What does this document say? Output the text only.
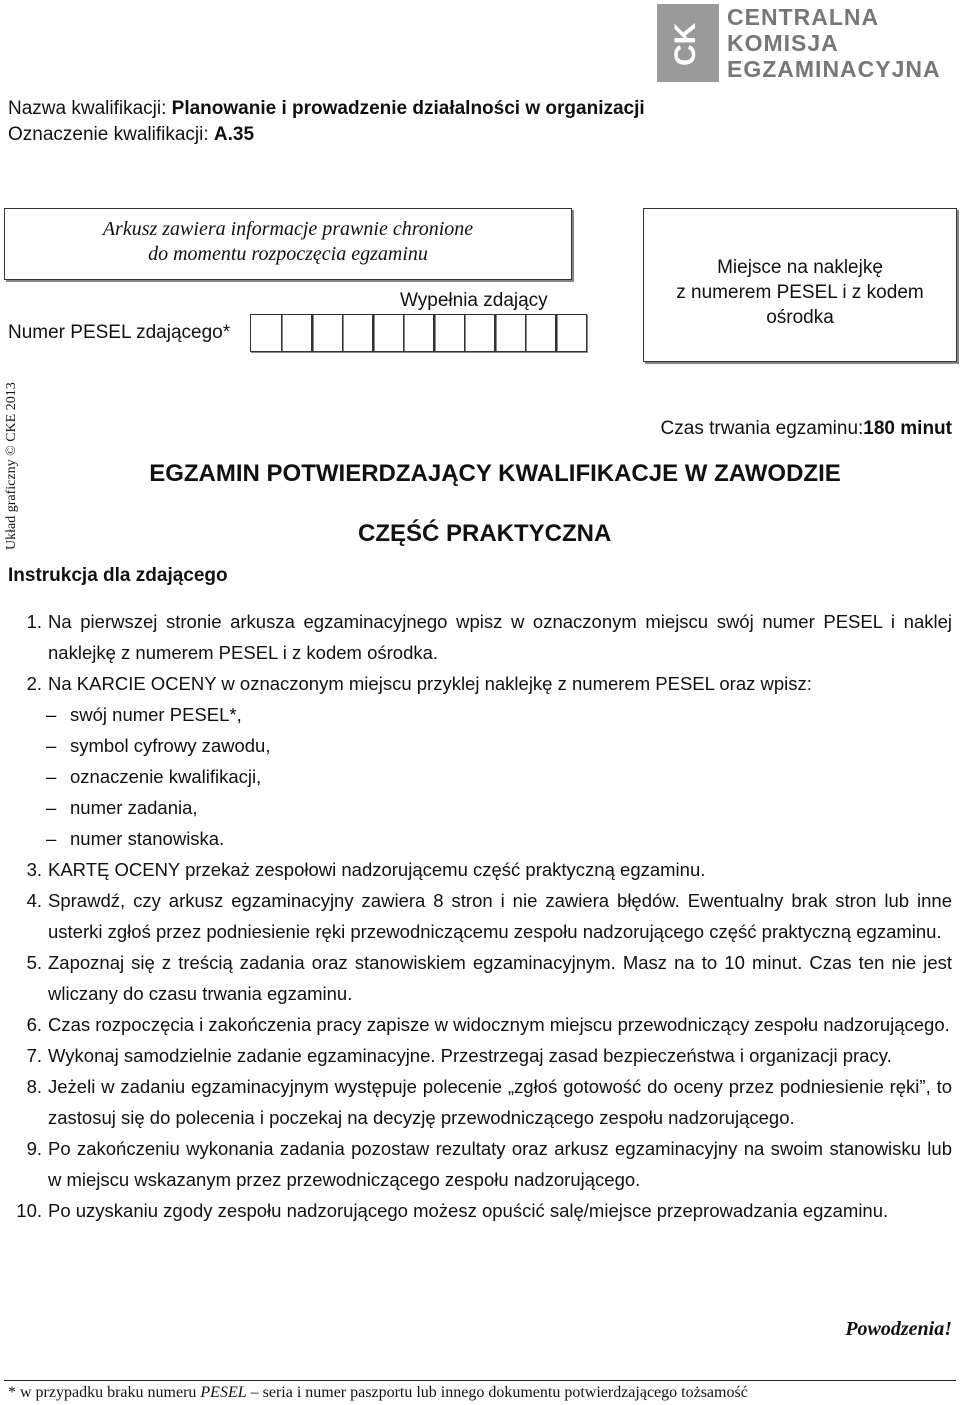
CK
CENTRALNA
KOMISJA
EGZAMINACYJNA
Nazwa kwalifikacji: Planowanie i prowadzenie działalności w organizacji
Oznaczenie kwalifikacji: A.35
Arkusz zawiera informacje prawnie chronione
do momentu rozpoczęcia egzaminu
Wypełnia zdający
Numer PESEL zdającego*
Miejsce na naklejkę
z numerem PESEL i z kodem
ośrodka
Układ graficzny © CKE 2013	Czas trwania egzaminu:180 minut
EGZAMIN POTWIERDZAJĄCY KWALIFIKACJE W ZAWODZIE
CZĘŚĆ PRAKTYCZNA
Instrukcja dla zdającego
1. Na pierwszej stronie arkusza egzaminacyjnego wpisz w oznaczonym miejscu swój numer PESEL i naklej naklejkę z numerem PESEL i z kodem ośrodka.
2. Na KARCIE OCENY w oznaczonym miejscu przyklej naklejkę z numerem PESEL oraz wpisz:
– swój numer PESEL*,
– symbol cyfrowy zawodu,
– oznaczenie kwalifikacji,
– numer zadania,
– numer stanowiska.
3. KARTĘ OCENY przekaż zespołowi nadzorującemu część praktyczną egzaminu.
4. Sprawdź, czy arkusz egzaminacyjny zawiera 8 stron i nie zawiera błędów. Ewentualny brak stron lub inne usterki zgłoś przez podniesienie ręki przewodniczącemu zespołu nadzorującego część praktyczną egzaminu.
5. Zapoznaj się z treścią zadania oraz stanowiskiem egzaminacyjnym. Masz na to 10 minut. Czas ten nie jest wliczany do czasu trwania egzaminu.
6. Czas rozpoczęcia i zakończenia pracy zapisze w widocznym miejscu przewodniczący zespołu nadzorującego.
7. Wykonaj samodzielnie zadanie egzaminacyjne. Przestrzegaj zasad bezpieczeństwa i organizacji pracy.
8. Jeżeli w zadaniu egzaminacyjnym występuje polecenie „zgłoś gotowość do oceny przez podniesienie ręki”, to zastosuj się do polecenia i poczekaj na decyzję przewodniczącego zespołu nadzorującego.
9. Po zakończeniu wykonania zadania pozostaw rezultaty oraz arkusz egzaminacyjny na swoim stanowisku lub w miejscu wskazanym przez przewodniczącego zespołu nadzorującego.
10. Po uzyskaniu zgody zespołu nadzorującego możesz opuścić salę/miejsce przeprowadzania egzaminu.
Powodzenia!
* w przypadku braku numeru PESEL – seria i numer paszportu lub innego dokumentu potwierdzającego tożsamość
